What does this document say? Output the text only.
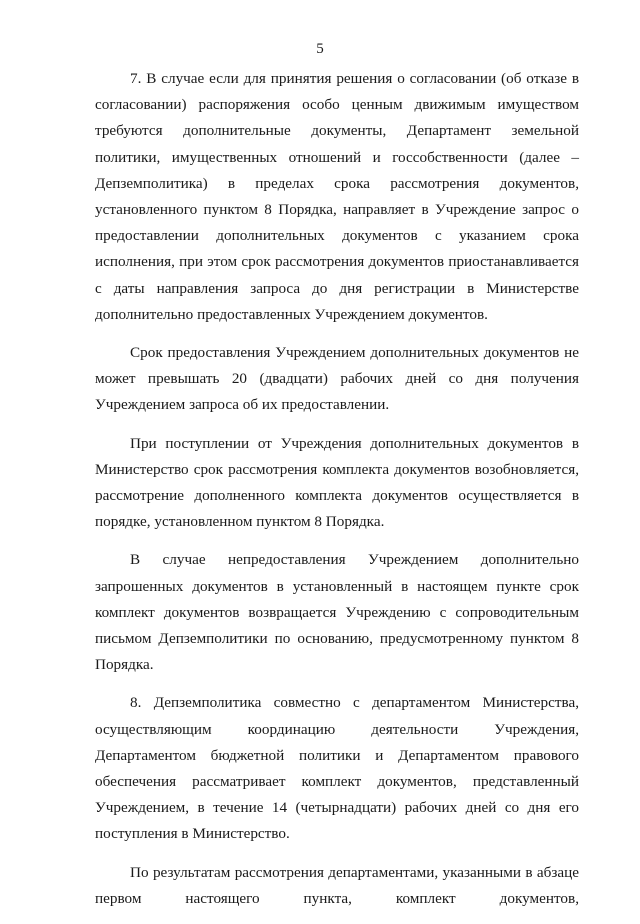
5

7. В случае если для принятия решения о согласовании (об отказе в согласовании) распоряжения особо ценным движимым имуществом требуются дополнительные документы, Департамент земельной политики, имущественных отношений и госсобственности (далее – Депземполитика) в пределах срока рассмотрения документов, установленного пунктом 8 Порядка, направляет в Учреждение запрос о предоставлении дополнительных документов с указанием срока исполнения, при этом срок рассмотрения документов приостанавливается с даты направления запроса до дня регистрации в Министерстве дополнительно предоставленных Учреждением документов.

Срок предоставления Учреждением дополнительных документов не может превышать 20 (двадцати) рабочих дней со дня получения Учреждением запроса об их предоставлении.

При поступлении от Учреждения дополнительных документов в Министерство срок рассмотрения комплекта документов возобновляется, рассмотрение дополненного комплекта документов осуществляется в порядке, установленном пунктом 8 Порядка.

В случае непредоставления Учреждением дополнительно запрошенных документов в установленный в настоящем пункте срок комплект документов возвращается Учреждению с сопроводительным письмом Депземполитики по основанию, предусмотренному пунктом 8 Порядка.

8. Депземполитика совместно с департаментом Министерства, осуществляющим координацию деятельности Учреждения, Департаментом бюджетной политики и Департаментом правового обеспечения рассматривает комплект документов, представленный Учреждением, в течение 14 (четырнадцати) рабочих дней со дня его поступления в Министерство.

По результатам рассмотрения департаментами, указанными в абзаце первом настоящего пункта, комплект документов,
